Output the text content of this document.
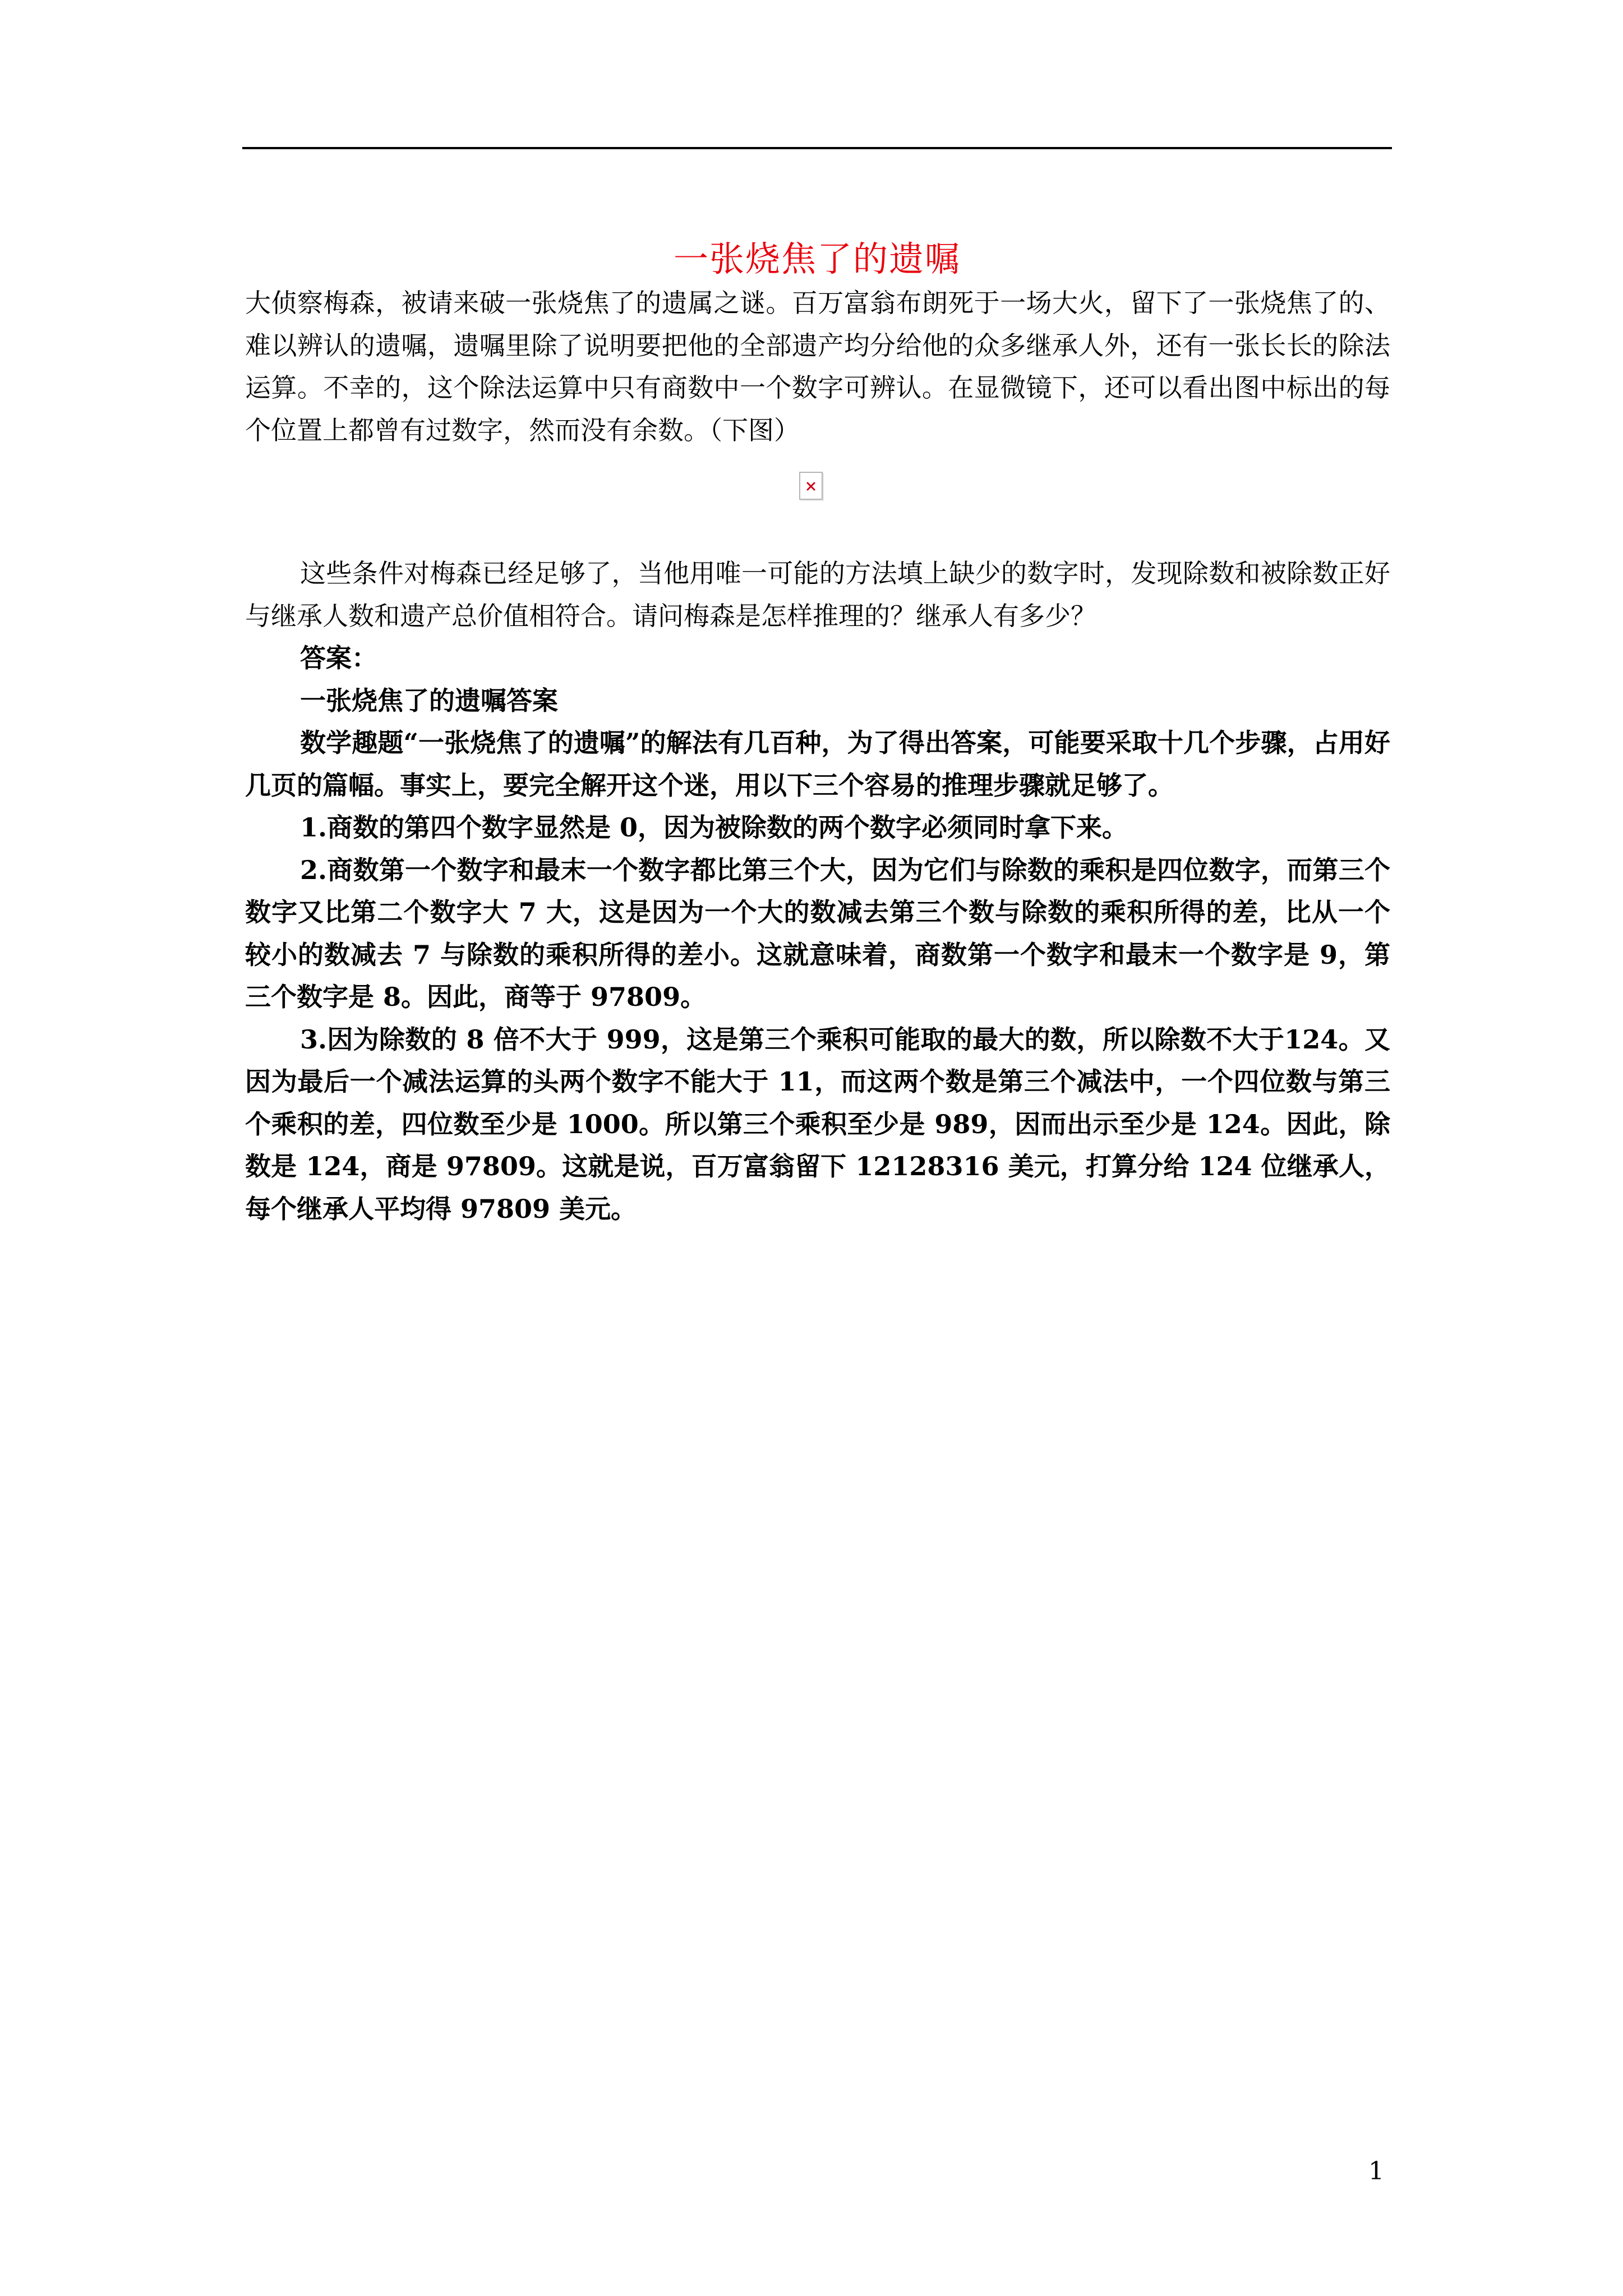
一张烧焦了的遗嘱

大侦察梅森，被请来破一张烧焦了的遗属之谜。百万富翁布朗死于一场大火，留下了一张烧焦了的、难以辨认的遗嘱，遗嘱里除了说明要把他的全部遗产均分给他的众多继承人外，还有一张长长的除法运算。不幸的，这个除法运算中只有商数中一个数字可辨认。在显微镜下，还可以看出图中标出的每个位置上都曾有过数字，然而没有余数。（下图）

这些条件对梅森已经足够了，当他用唯一可能的方法填上缺少的数字时，发现除数和被除数正好与继承人数和遗产总价值相符合。请问梅森是怎样推理的？继承人有多少？

答案：

一张烧焦了的遗嘱答案

数学趣题“一张烧焦了的遗嘱”的解法有几百种，为了得出答案，可能要采取十几个步骤，占用好几页的篇幅。事实上，要完全解开这个迷，用以下三个容易的推理步骤就足够了。

1.商数的第四个数字显然是 0，因为被除数的两个数字必须同时拿下来。

2.商数第一个数字和最末一个数字都比第三个大，因为它们与除数的乘积是四位数字，而第三个数字又比第二个数字大 7 大，这是因为一个大的数减去第三个数与除数的乘积所得的差，比从一个较小的数减去 7 与除数的乘积所得的差小。这就意味着，商数第一个数字和最末一个数字是 9，第三个数字是 8。因此，商等于 97809。

3.因为除数的 8 倍不大于 999，这是第三个乘积可能取的最大的数，所以除数不大于124。又因为最后一个减法运算的头两个数字不能大于 11，而这两个数是第三个减法中，一个四位数与第三个乘积的差，四位数至少是 1000。所以第三个乘积至少是 989，因而出示至少是 124。因此，除数是 124，商是 97809。这就是说，百万富翁留下 12128316 美元，打算分给 124 位继承人，每个继承人平均得 97809 美元。

1
